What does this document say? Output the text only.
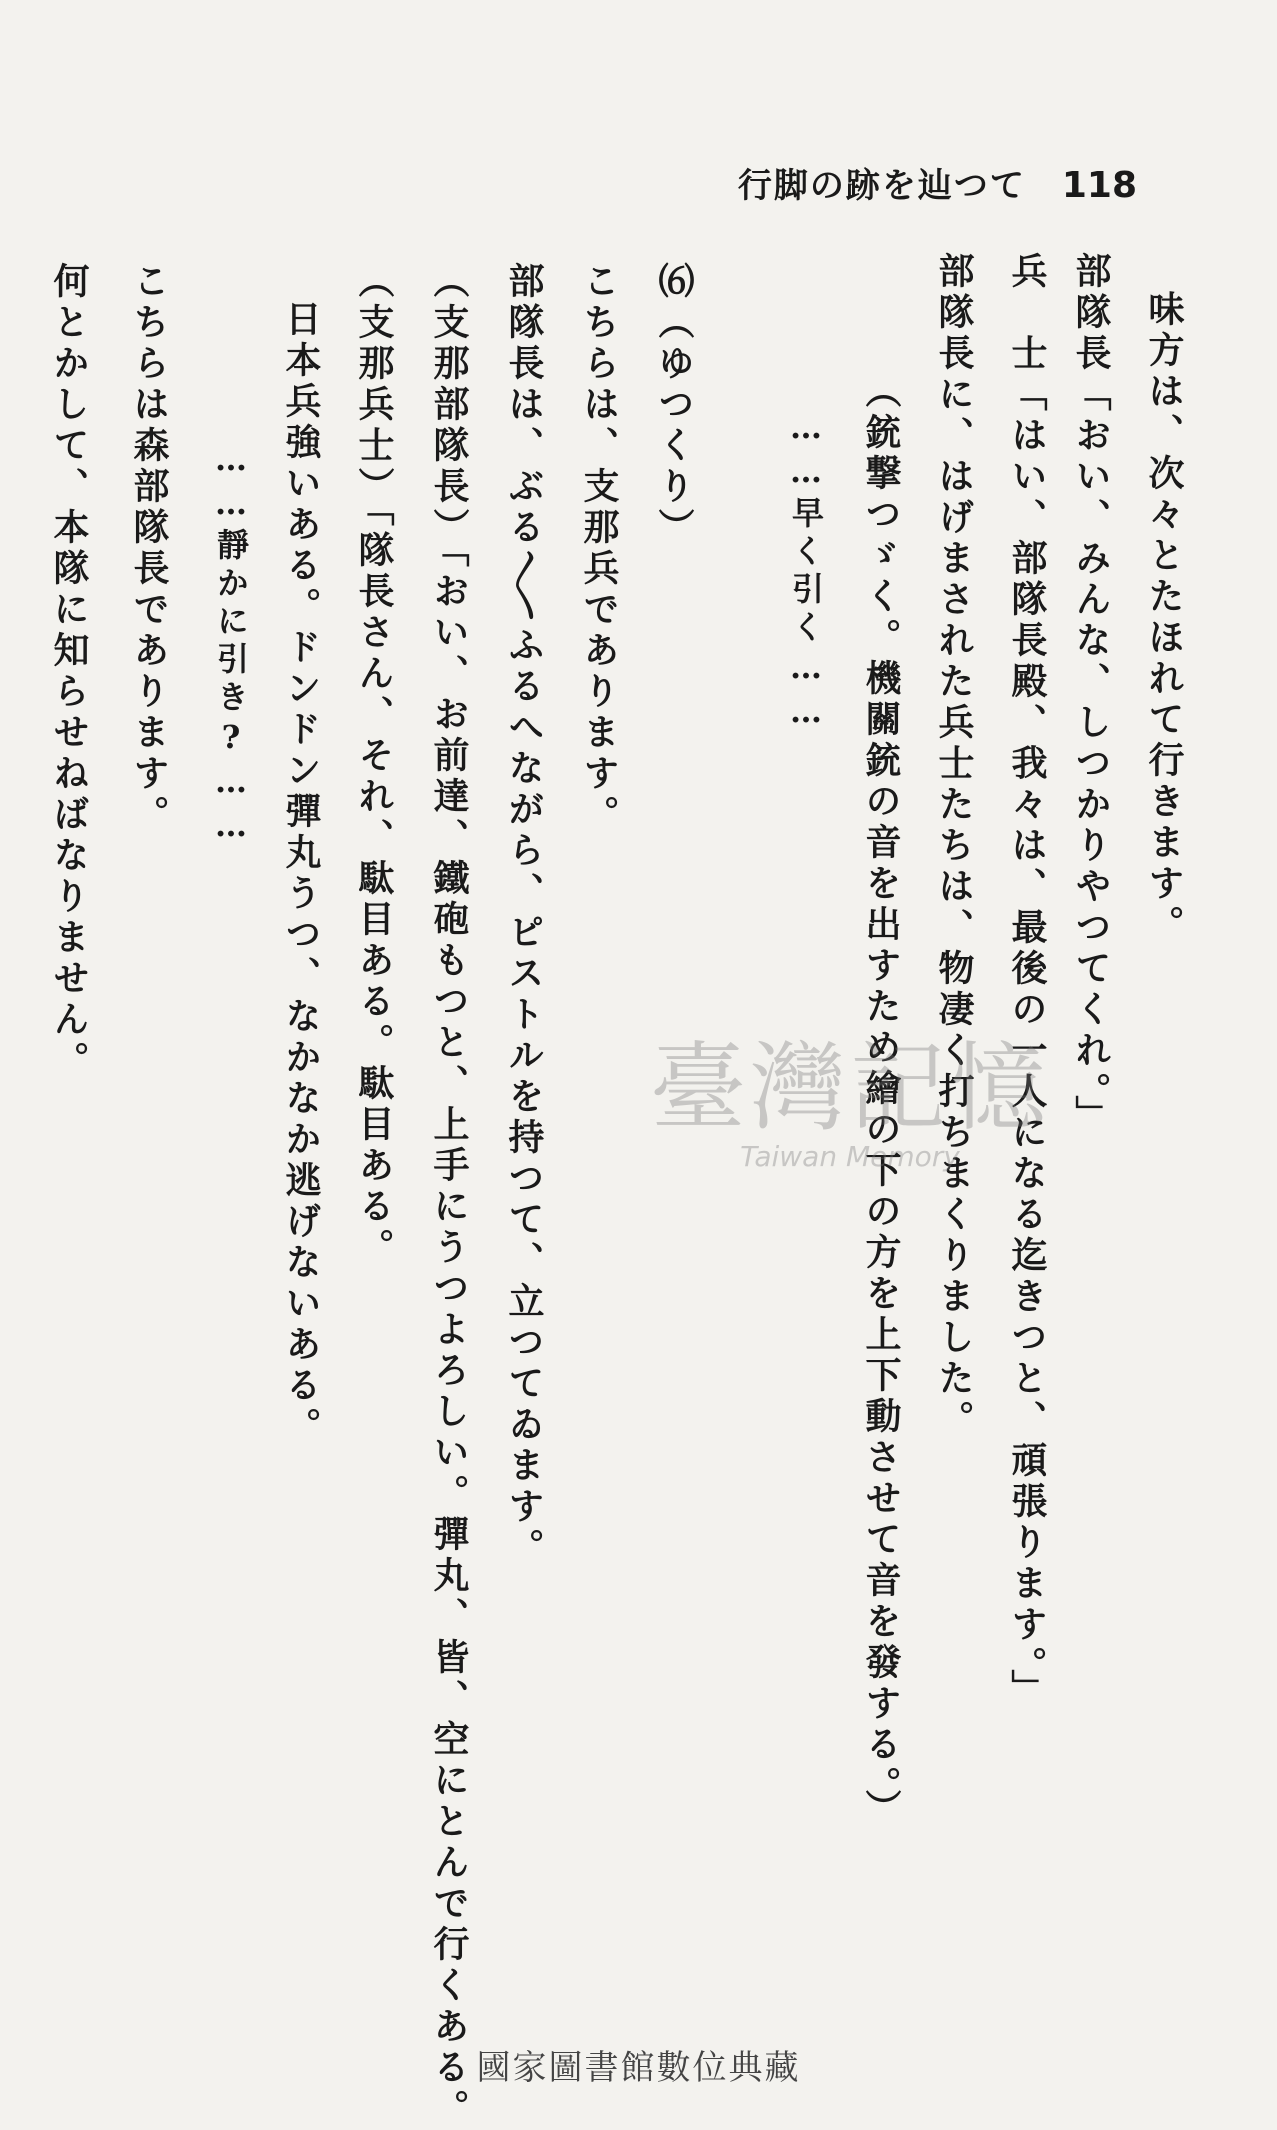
行脚の跡を辿つて 118
味方は、次々とたほれて行きます。
部隊長「おい、みんな、しつかりやつてくれ。」
兵　士「はい、部隊長殿、我々は、最後の一人になる迄きつと、頑張ります。」
部隊長に、はげまされた兵士たちは、物凄く打ちまくりました。
（銃撃つゞく。機關銃の音を出すため繪の下の方を上下動させて音を發する。）
……早く引く……
⑹（ゆつくり）
こちらは、支那兵であります。
部隊長は、ぶる〳〵ふるへながら、ピストルを持つて、立つてゐます。
（支那部隊長）「おい、お前達、鐵砲もつと、上手にうつよろしい。彈丸、皆、空にとんで行くある。
（支那兵士）「隊長さん、それ、駄目ある。駄目ある。
日本兵強いある。ドンドン彈丸うつ、なかなか逃げないある。
……靜かに引き?……
こちらは森部隊長であります。
何とかして、本隊に知らせねばなりません。
臺灣記憶
Taiwan Memory
國家圖書館數位典藏
